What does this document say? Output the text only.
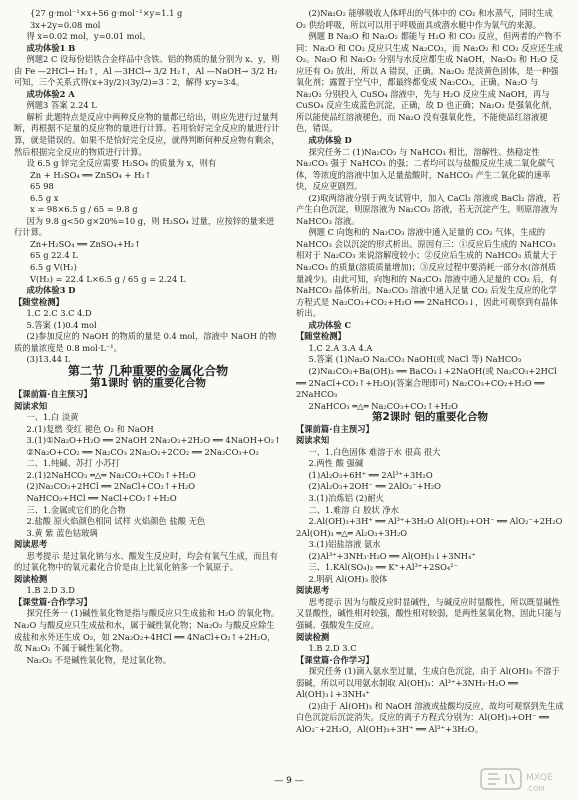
{27 g·mol⁻¹×x+56 g·mol⁻¹×y=1.1 g

3x+2y=0.08 mol

得 x=0.02 mol，y=0.01 mol。

成功体验1 B

例题2 C 设每份铝铁合金样品中含铁、铝的物质的量分别为 x、y，则由 Fe —2HCl→ H₂↑，Al —3HCl→ 3/2 H₂↑，Al —NaOH→ 3/2 H₂ 可知，三个关系式得(x+3y/2)∶(3y/2)=3∶2，解得 x∶y=3∶4。

成功体验2 A

例题3 答案 2.24 L

解析 此题特点是反应中两种反应物的量都已给出，则应先进行过量判断，再根据不足量的反应物的量进行计算。若用恰好完全反应的量进行计算，就是错误的。如果不是恰好完全反应，就得判断何种反应物有剩余，然后根据完全反应的物质进行计算。

设 6.5 g 锌完全反应需要 H₂SO₄ 的质量为 x，则有

Zn + H₂SO₄ ══ ZnSO₄ + H₂↑

65 98

6.5 g x

x = 98×6.5 g / 65 = 9.8 g

因为 9.8 g<50 g×20%=10 g，则 H₂SO₄ 过量，应按锌的量来进行计算。

Zn+H₂SO₄ ══ ZnSO₄+H₂↑

65 g 22.4 L

6.5 g V(H₂)

V(H₂) = 22.4 L×6.5 g / 65 g = 2.24 L

成功体验3 D

【随堂检测】

1.C 2.C 3.C 4.D

5.答案 (1)0.4 mol

(2)参加反应的 NaOH 的物质的量是 0.4 mol，溶液中 NaOH 的物质的量浓度是 0.8 mol·L⁻¹。

(3)13.44 L

第二节 几种重要的金属化合物

第1课时 钠的重要化合物

【课前篇·自主预习】

阅读求知

一、1.白 淡黄

2.(1)复燃 变红 褪色 O₂ 和 NaOH

3.(1)①Na₂O+H₂O ══ 2NaOH 2Na₂O₂+2H₂O ══ 4NaOH+O₂↑

②Na₂O+CO₂ ══ Na₂CO₃ 2Na₂O₂+2CO₂ ══ 2Na₂CO₃+O₂

二、1.纯碱、苏打 小苏打

2.(1)2NaHCO₃ ═△═ Na₂CO₃+CO₂↑+H₂O

(2)Na₂CO₃+2HCl ══ 2NaCl+CO₂↑+H₂O

NaHCO₃+HCl ══ NaCl+CO₂↑+H₂O

三、1.金属或它们的化合物

2.盐酸 原火焰颜色相同 试样 火焰颜色 盐酸 无色

3.黄 紫 蓝色钴玻璃

阅读思考

思考提示 是过氧化钠与水、酸发生反应时，均会有氧气生成，而且有的过氧化物中的氧元素化合价是由上比氧化钠多一个氧原子。

阅读检测

1.B 2.D 3.D

【课堂篇·合作学习】

探究任务一 (1)碱性氧化物是指与酸反应只生成盐和 H₂O 的氧化物。Na₂O 与酸反应只生成盐和水，属于碱性氧化物；Na₂O₂ 与酸反应除生成盐和水外还生成 O₂，如 2Na₂O₂+4HCl ══ 4NaCl+O₂↑+2H₂O，故 Na₂O₂ 不属于碱性氧化物。

Na₂O₂ 不是碱性氧化物，是过氧化物。

(2)Na₂O₂ 能够吸收人体呼出的气体中的 CO₂ 和水蒸气，同时生成 O₂ 供给呼吸，所以可以用于呼吸面具或潜水艇中作为氧气的来源。

例题 B Na₂O 和 Na₂O₂ 都能与 H₂O 和 CO₂ 反应，但两者的产物不同：Na₂O 和 CO₂ 反应只生成 Na₂CO₃，而 Na₂O₂ 和 CO₂ 反应还生成 O₂。Na₂O 和 Na₂O₂ 分别与水反应都生成 NaOH，Na₂O₂ 和 H₂O 反应还有 O₂ 放出，所以 A 错误，正确。Na₂O₂ 是淡黄色固体，是一种强氧化剂；露置于空气中，都最终都变成 Na₂CO₃，正确。Na₂O 与 Na₂O₂ 分别投入 CuSO₄ 溶液中，先与 H₂O 反应生成 NaOH，再与 CuSO₄ 反应生成蓝色沉淀，正确，故 D 也正确；Na₂O₂ 是强氧化剂，所以能使品红溶液褪色，而 Na₂O 没有强氧化性，不能使品红溶液褪色，错误。

成功体验 D

探究任务二 (1)Na₂CO₃ 与 NaHCO₃ 相比，溶解性、热稳定性 Na₂CO₃ 强于 NaHCO₃ 的强；二者均可以与盐酸反应生成二氧化碳气体，等浓度的溶液中加入足量盐酸时，NaHCO₃ 产生二氧化碳的速率快，反应更剧烈。

(2)取两溶液分别于两支试管中，加入 CaCl₂ 溶液或 BaCl₂ 溶液，若产生白色沉淀，则原溶液为 Na₂CO₃ 溶液，若无沉淀产生，则原溶液为 NaHCO₃ 溶液。

例题 C 向饱和的 Na₂CO₃ 溶液中通入足量的 CO₂ 气体，生成的 NaHCO₃ 会以沉淀的形式析出。原因有三：①反应后生成的 NaHCO₃ 相对于 Na₂CO₃ 来说溶解度较小；②反应后生成的 NaHCO₃ 质量大于 Na₂CO₃ 的质量(溶质质量增加)；③反应过程中要消耗一部分水(溶剂质量减少)。由此可知，向饱和的 Na₂CO₃ 溶液中通入足量的 CO₂ 后，有 NaHCO₃ 晶体析出。Na₂CO₃ 溶液中通入足量 CO₂ 后发生反应的化学方程式是 Na₂CO₃+CO₂+H₂O ══ 2NaHCO₃↓，因此可观察到有晶体析出。

成功体验 C

【随堂检测】

1.C 2.A 3.A 4.A

5.答案 (1)Na₂O Na₂CO₃ NaOH(或 NaCl 等) NaHCO₃

(2)Na₂CO₃+Ba(OH)₂ ══ BaCO₃↓+2NaOH(或 Na₂CO₃+2HCl ══ 2NaCl+CO₂↑+H₂O)(答案合理即可) Na₂CO₃+CO₂+H₂O ══ 2NaHCO₃

2NaHCO₃ ═△═ Na₂CO₃+CO₂↑+H₂O

第2课时 铝的重要化合物

【课前篇·自主预习】

阅读求知

一、1.白色固体 难溶于水 很高 很大

2.两性 酸 强碱

(1)Al₂O₃+6H⁺ ══ 2Al³⁺+3H₂O

(2)Al₂O₃+2OH⁻ ══ 2AlO₂⁻+H₂O

3.(1)冶炼铝 (2)耐火

二、1.难溶 白 胶状 净水

2.Al(OH)₃+3H⁺ ══ Al³⁺+3H₂O Al(OH)₃+OH⁻ ══ AlO₂⁻+2H₂O 2Al(OH)₃ ═△═ Al₂O₃+3H₂O

3.(1)铝盐溶液 氨水

(2)Al³⁺+3NH₃·H₂O ══ Al(OH)₃↓+3NH₄⁺

三、1.KAl(SO₄)₂ ══ K⁺+Al³⁺+2SO₄²⁻

2.明矾 Al(OH)₃ 胶体

阅读思考

思考提示 因为与酸反应时显碱性，与碱反应时显酸性，所以既显碱性又显酸性，碱性相对较强，酸性相对较弱，是两性氢氧化物，因此只能与强碱、强酸发生反应。

阅读检测

1.B 2.D 3.C

【课堂篇·合作学习】

探究任务 (1)滴入氨水至过量，生成白色沉淀，由于 Al(OH)₃ 不溶于弱碱，所以可以用氨水制取 Al(OH)₃：Al³⁺+3NH₃·H₂O ══ Al(OH)₃↓+3NH₄⁺

(2)由于 Al(OH)₃ 和 NaOH 溶液或盐酸均反应，故均可观察到先生成白色沉淀后沉淀消失。反应的离子方程式分别为：Al(OH)₃+OH⁻ ══ AlO₂⁻+2H₂O，Al(OH)₃+3H⁺ ══ Al³⁺+3H₂O。

— 9 —	MXQE
.COM
